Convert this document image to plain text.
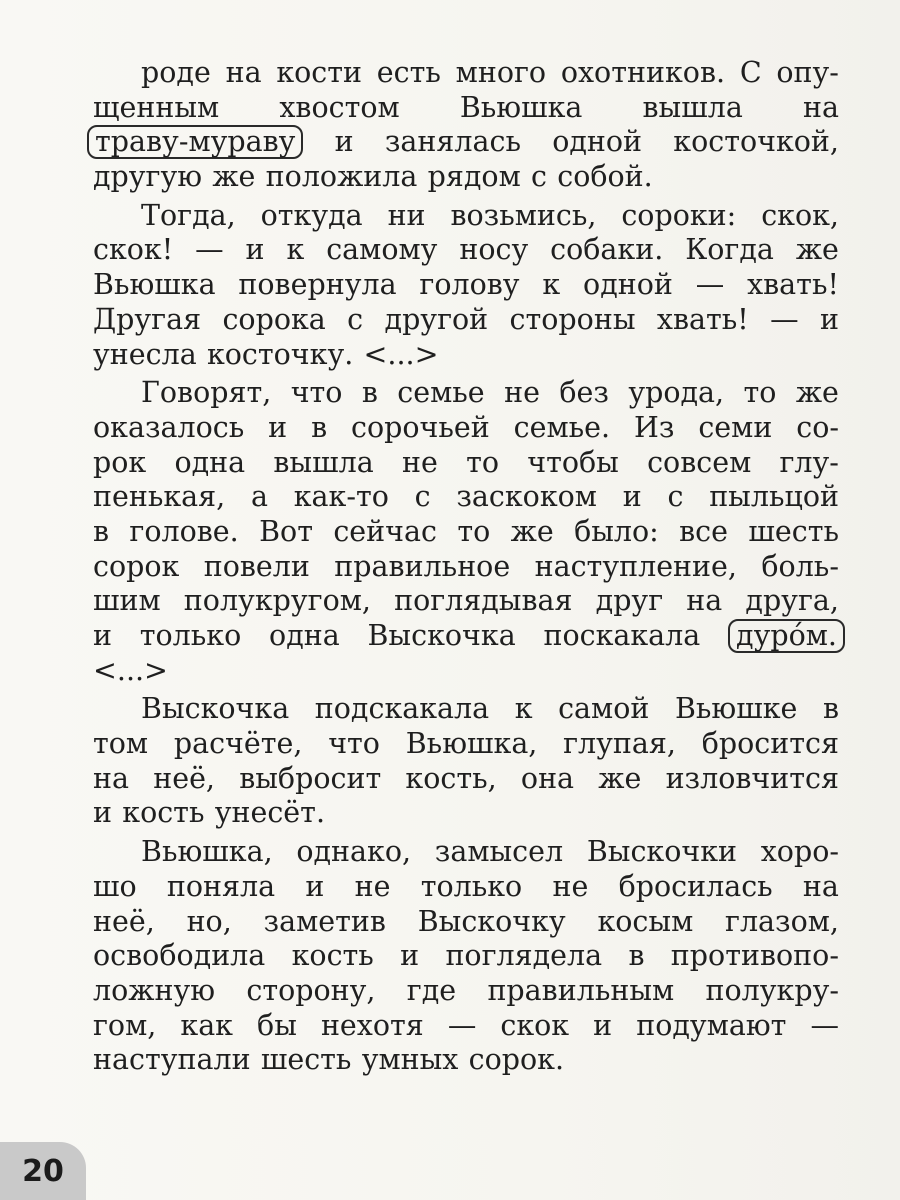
роде на кости есть много охотников. С опу-
щенным хвостом Вьюшка вышла на
траву-мураву и занялась одной косточкой,
другую же положила рядом с собой.
Тогда, откуда ни возьмись, сороки: скок,
скок! — и к самому носу собаки. Когда же
Вьюшка повернула голову к одной — хвать!
Другая сорока с другой стороны хвать! — и
унесла косточку. <...>
Говорят, что в семье не без урода, то же
оказалось и в сорочьей семье. Из семи со-
рок одна вышла не то чтобы совсем глу-
пенькая, а как-то с заскоком и с пыльцой
в голове. Вот сейчас то же было: все шесть
сорок повели правильное наступление, боль-
шим полукругом, поглядывая друг на друга,
и только одна Выскочка поскакала дуро́м.
<...>
Выскочка подскакала к самой Вьюшке в
том расчёте, что Вьюшка, глупая, бросится
на неё, выбросит кость, она же изловчится
и кость унесёт.
Вьюшка, однако, замысел Выскочки хоро-
шо поняла и не только не бросилась на
неё, но, заметив Выскочку косым глазом,
освободила кость и поглядела в противопо-
ложную сторону, где правильным полукру-
гом, как бы нехотя — скок и подумают —
наступали шесть умных сорок.
20
